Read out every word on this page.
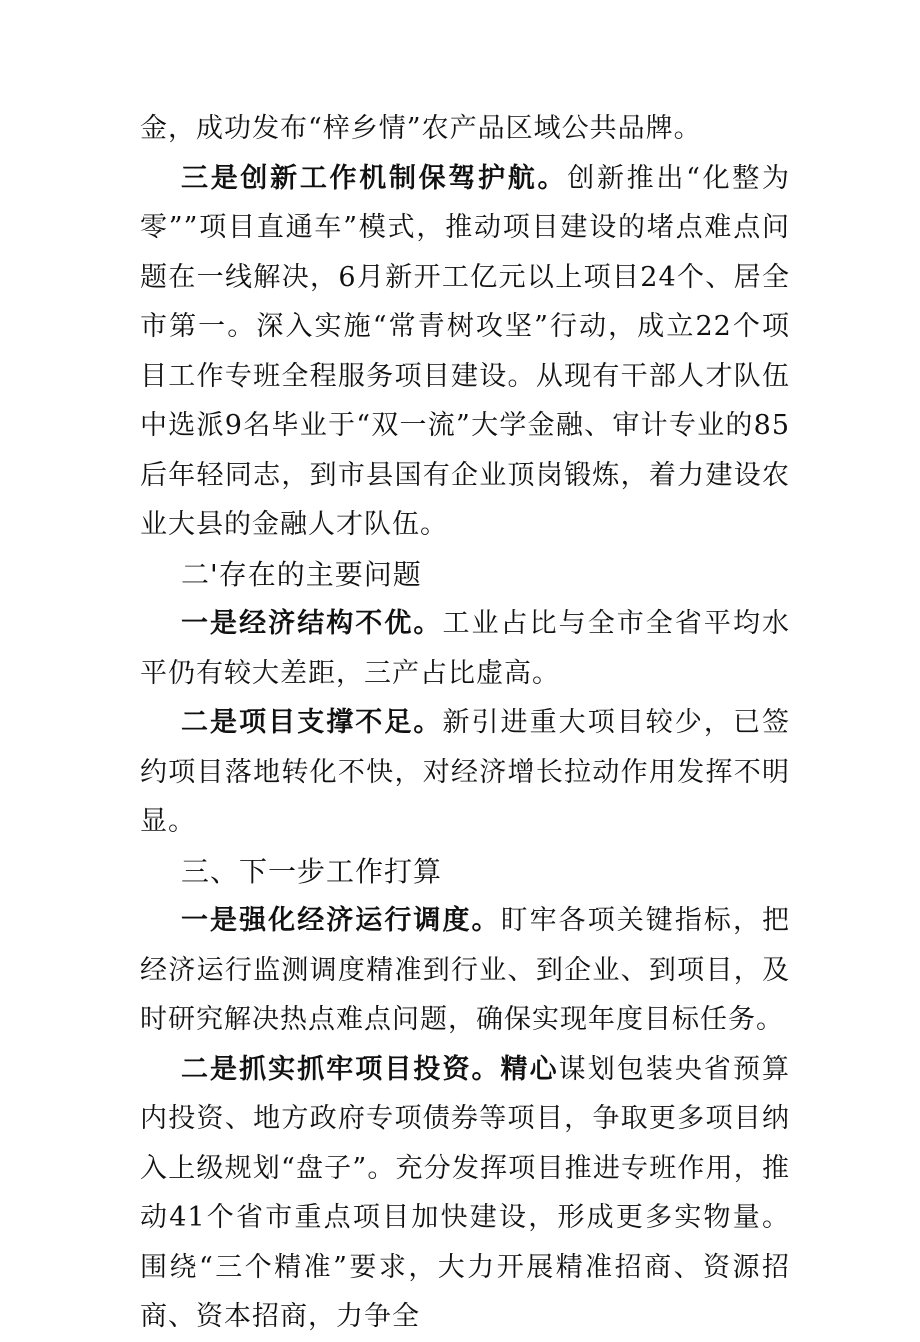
金，成功发布“梓乡情”农产品区域公共品牌。

三是创新工作机制保驾护航。创新推出“化整为零””项目直通车”模式，推动项目建设的堵点难点问题在一线解决，6月新开工亿元以上项目24个、居全市第一。深入实施“常青树攻坚”行动，成立22个项目工作专班全程服务项目建设。从现有干部人才队伍中选派9名毕业于“双一流”大学金融、审计专业的85后年轻同志，到市县国有企业顶岗锻炼，着力建设农业大县的金融人才队伍。

二'存在的主要问题

一是经济结构不优。工业占比与全市全省平均水平仍有较大差距，三产占比虚高。

二是项目支撑不足。新引进重大项目较少，已签约项目落地转化不快，对经济增长拉动作用发挥不明显。

三、下一步工作打算

一是强化经济运行调度。盯牢各项关键指标，把经济运行监测调度精准到行业、到企业、到项目，及时研究解决热点难点问题，确保实现年度目标任务。

二是抓实抓牢项目投资。精心谋划包装央省预算内投资、地方政府专项债券等项目，争取更多项目纳入上级规划“盘子”。充分发挥项目推进专班作用，推动41个省市重点项目加快建设，形成更多实物量。围绕“三个精准”要求，大力开展精准招商、资源招商、资本招商，力争全
